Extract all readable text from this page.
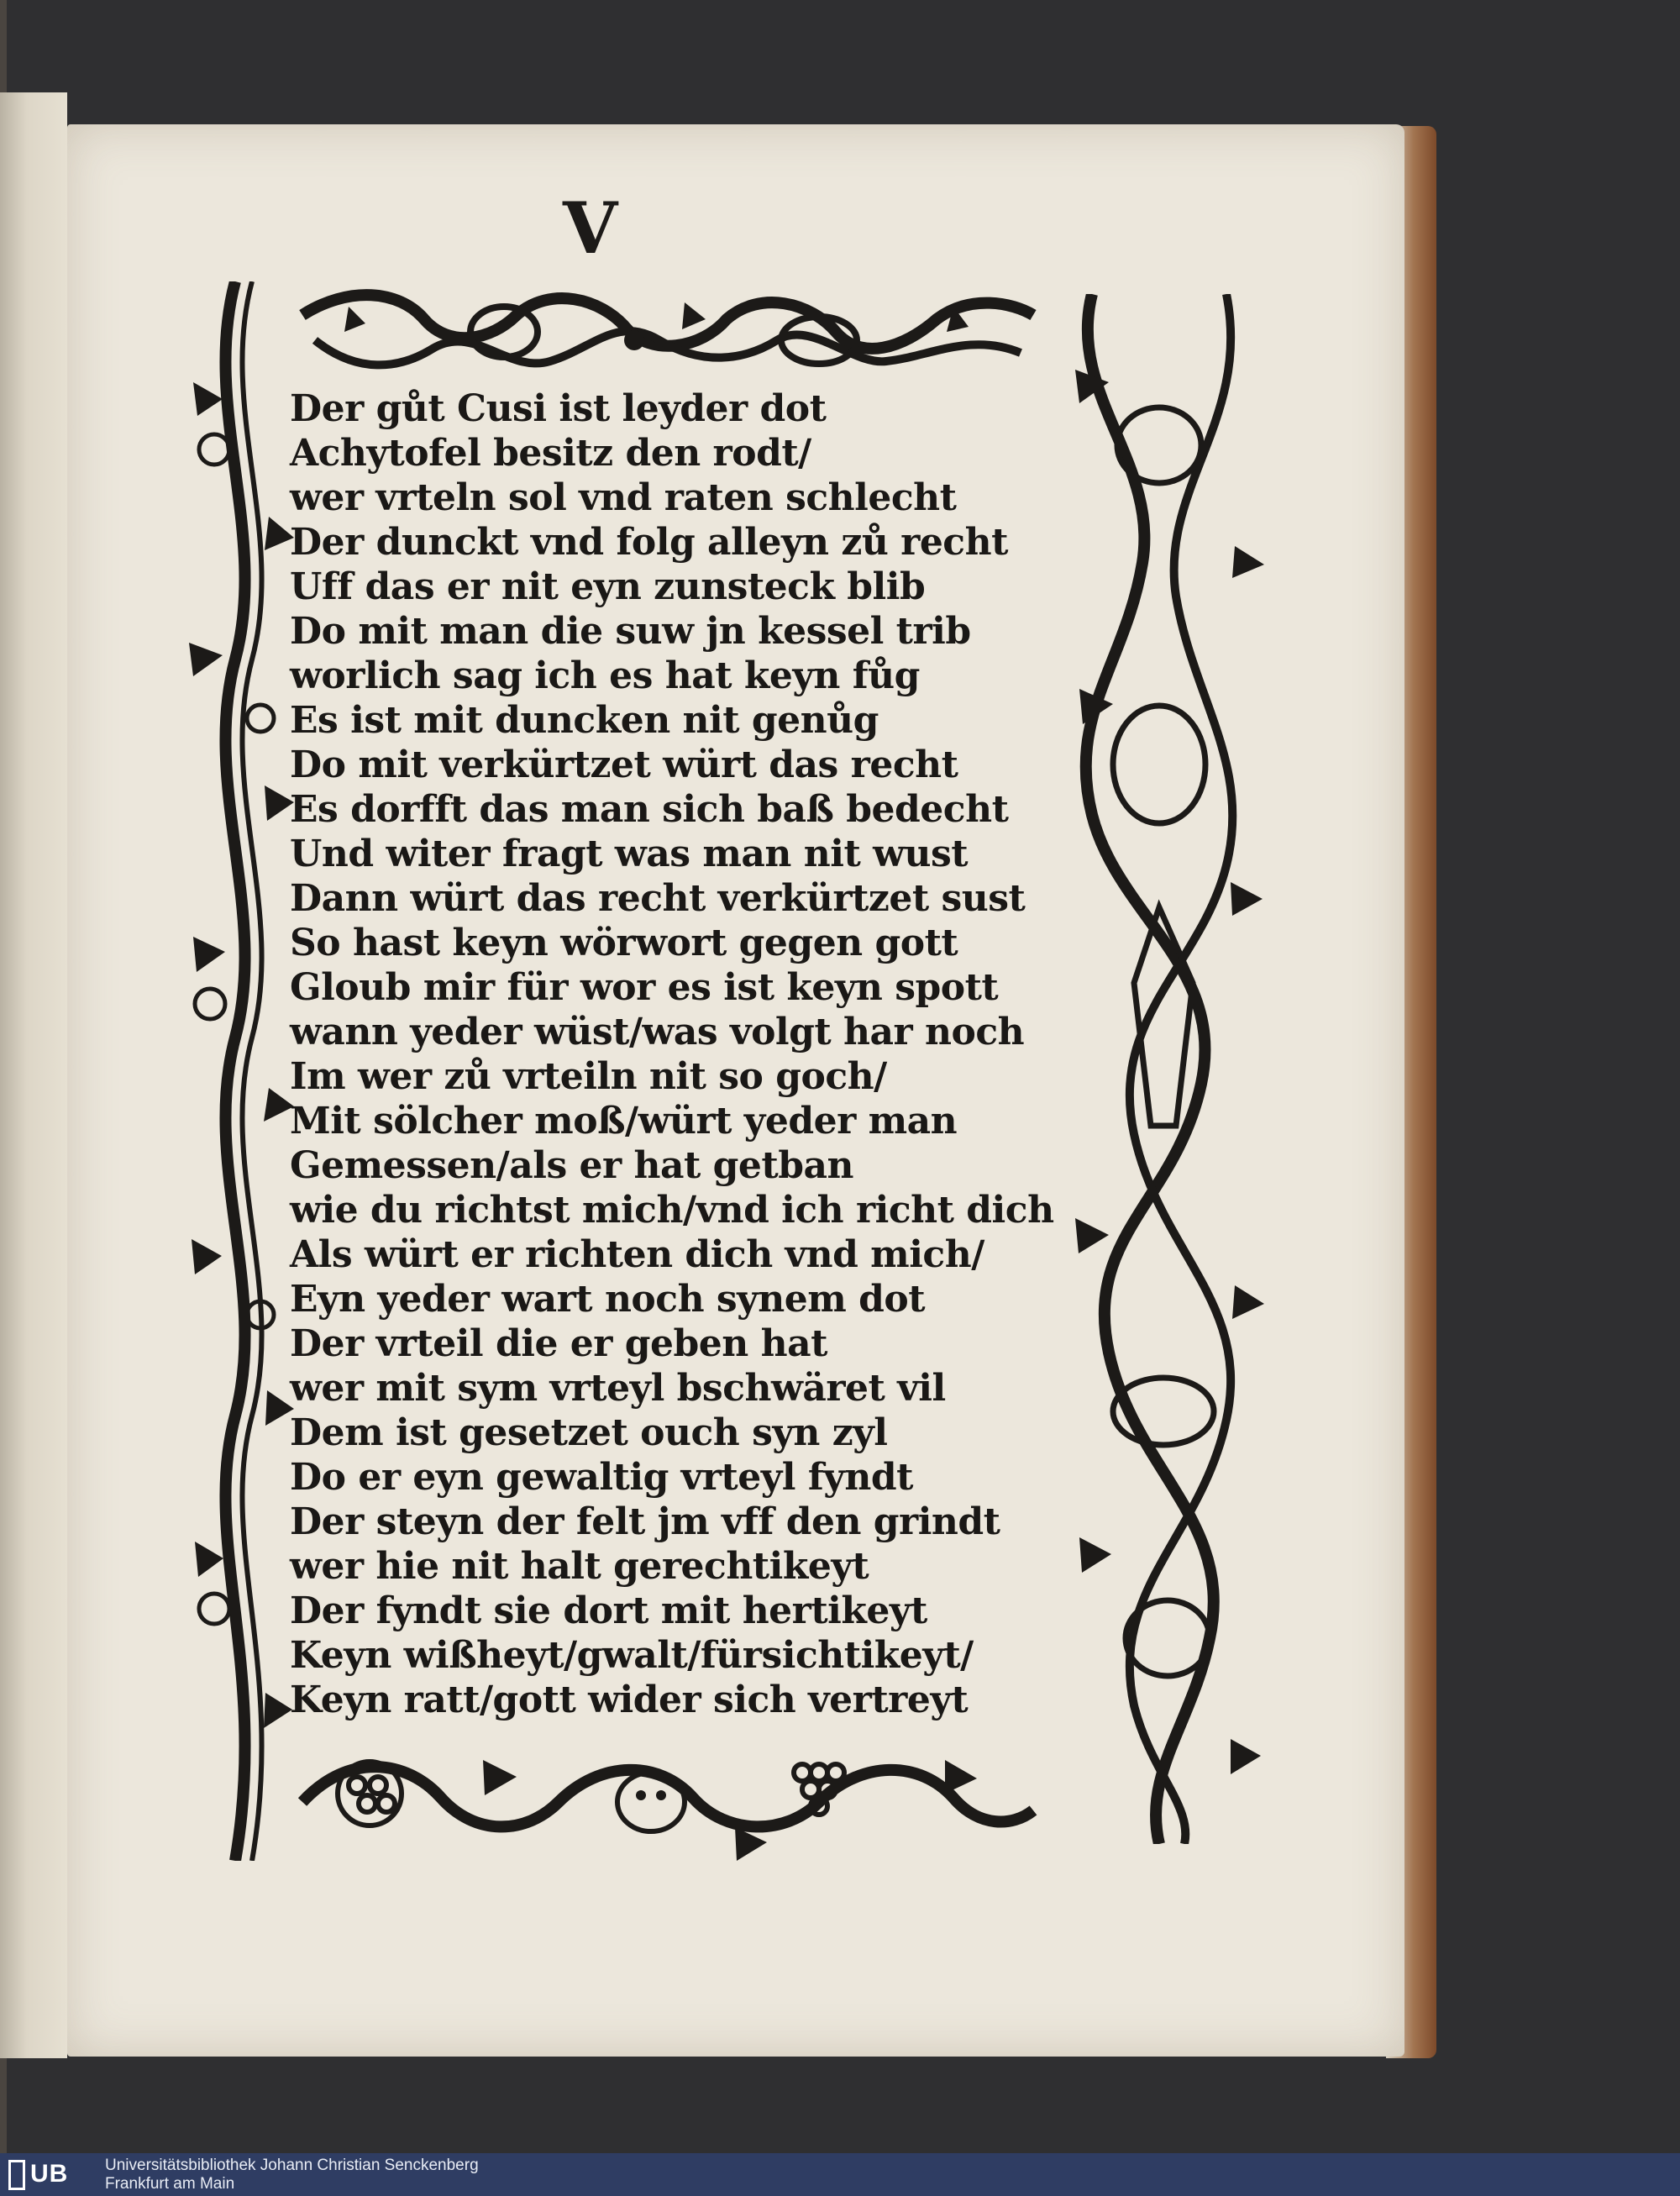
V
Der gůt Cusi ist leyder dot
Achytofel besitz den rodt/
wer vrteln sol vnd raten schlecht
Der dunckt vnd folg alleyn zů recht
Uff das er nit eyn zunsteck blib
Do mit man die suw jn kessel trib
worlich sag ich es hat keyn fůg
Es ist mit duncken nit genůg
Do mit verkürtzet würt das recht
Es dorfft das man sich baß bedecht
Und witer fragt was man nit wust
Dann würt das recht verkürtzet sust
So hast keyn wörwort gegen gott
Gloub mir für wor es ist keyn spott
wann yeder wüst/was volgt har noch
Im wer zů vrteiln nit so goch/
Mit sölcher moß/würt yeder man
Gemessen/als er hat getban
wie du richtst mich/vnd ich richt dich
Als würt er richten dich vnd mich/
Eyn yeder wart noch synem dot
Der vrteil die er geben hat
wer mit sym vrteyl bschwäret vil
Dem ist gesetzet ouch syn zyl
Do er eyn gewaltig vrteyl fyndt
Der steyn der felt jm vff den grindt
wer hie nit halt gerechtikeyt
Der fyndt sie dort mit hertikeyt
Keyn wißheyt/gwalt/fürsichtikeyt/
Keyn ratt/gott wider sich vertreyt
UB Universitätsbibliothek Johann Christian Senckenberg
Frankfurt am Main
